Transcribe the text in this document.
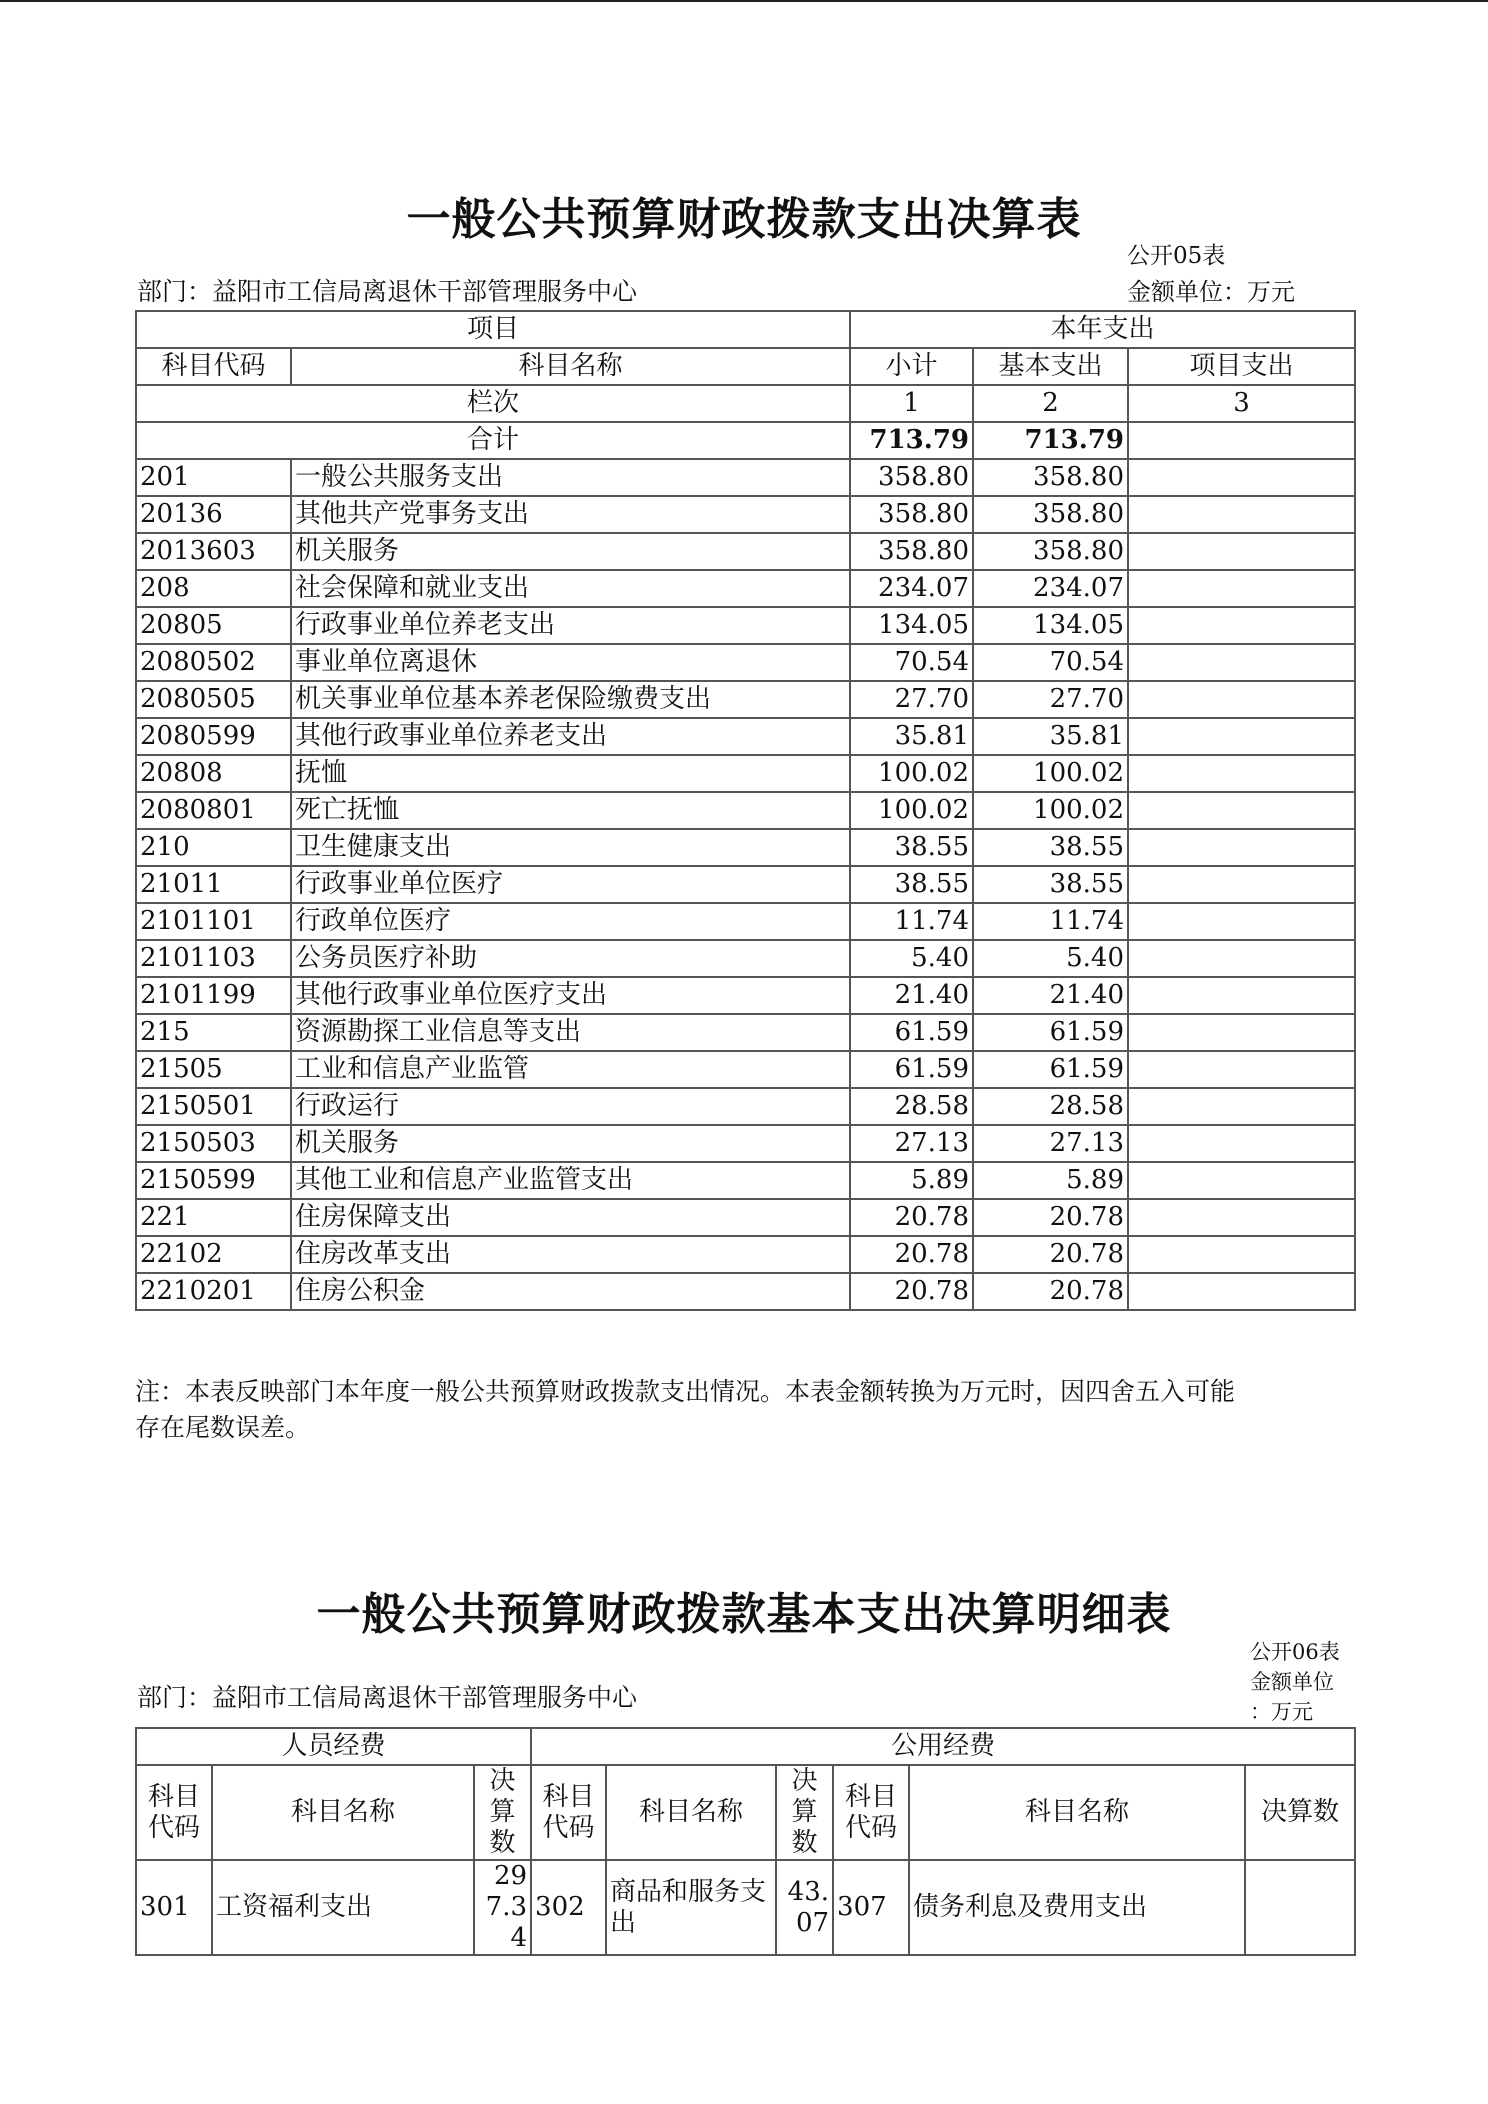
一般公共预算财政拨款支出决算表
公开05表
部门：益阳市工信局离退休干部管理服务中心	金额单位：万元
项目		本年支出		
科目代码	科目名称	小计	基本支出	项目支出
栏次		1	2	3
合计		713.79	713.79	
201	一般公共服务支出	358.80	358.80	
20136	其他共产党事务支出	358.80	358.80	
2013603	机关服务	358.80	358.80	
208	社会保障和就业支出	234.07	234.07	
20805	行政事业单位养老支出	134.05	134.05	
2080502	事业单位离退休	70.54	70.54	
2080505	机关事业单位基本养老保险缴费支出	27.70	27.70	
2080599	其他行政事业单位养老支出	35.81	35.81	
20808	抚恤	100.02	100.02	
2080801	死亡抚恤	100.02	100.02	
210	卫生健康支出	38.55	38.55	
21011	行政事业单位医疗	38.55	38.55	
2101101	行政单位医疗	11.74	11.74	
2101103	公务员医疗补助	5.40	5.40	
2101199	其他行政事业单位医疗支出	21.40	21.40	
215	资源勘探工业信息等支出	61.59	61.59	
21505	工业和信息产业监管	61.59	61.59	
2150501	行政运行	28.58	28.58	
2150503	机关服务	27.13	27.13	
2150599	其他工业和信息产业监管支出	5.89	5.89	
221	住房保障支出	20.78	20.78	
22102	住房改革支出	20.78	20.78	
2210201	住房公积金	20.78	20.78	
注：本表反映部门本年度一般公共预算财政拨款支出情况。本表金额转换为万元时，因四舍五入可能
存在尾数误差。
一般公共预算财政拨款基本支出决算明细表
公开06表
金额单位
：万元
部门：益阳市工信局离退休干部管理服务中心
人员经费			公用经费					
科目代码	科目名称	决算数	科目代码	科目名称	决算数	科目代码	科目名称	决算数
301	工资福利支出	297.34	302	商品和服务支出	43.07	307	债务利息及费用支出	
